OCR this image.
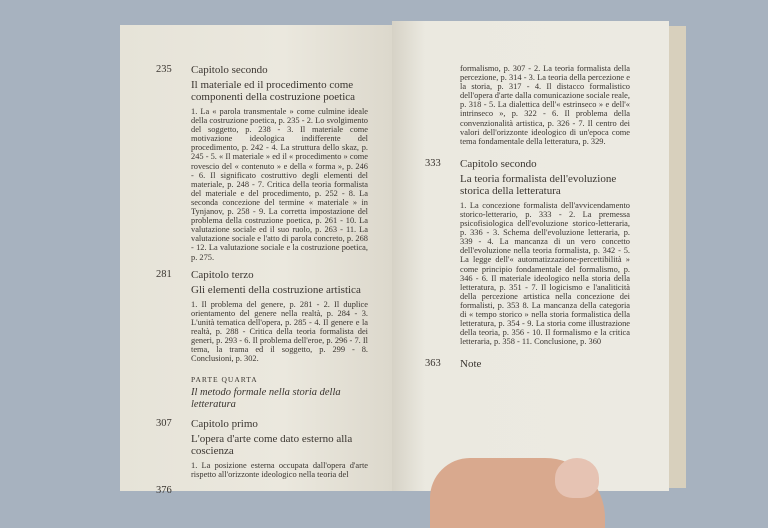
235	Capitolo secondo
Il materiale ed il procedimento come componenti della costruzione poetica
1. La « parola transmentale » come culmine ideale della costruzione poetica, p. 235 - 2. Lo svolgimento del soggetto, p. 238 - 3. Il materiale come motivazione ideologica indifferente del procedimento, p. 242 - 4. La struttura dello skaz, p. 245 - 5. « Il materiale » ed il « procedimento » come rovescio del « contenuto » e della « forma », p. 246 - 6. Il significato costruttivo degli elementi del materiale, p. 248 - 7. Critica della teoria formalista del materiale e del procedimento, p. 252 - 8. La seconda concezione del termine « materiale » in Tynjanov, p. 258 - 9. La corretta impostazione del problema della costruzione poetica, p. 261 - 10. La valutazione sociale ed il suo ruolo, p. 263 - 11. La valutazione sociale e l'atto di parola concreto, p. 268 - 12. La valutazione sociale e la costruzione poetica, p. 275.
281	Capitolo terzo
Gli elementi della costruzione artistica
1. Il problema del genere, p. 281 - 2. Il duplice orientamento del genere nella realtà, p. 284 - 3. L'unità tematica dell'opera, p. 285 - 4. Il genere e la realtà, p. 288 - Critica della teoria formalista dei generi, p. 293 - 6. Il problema dell'eroe, p. 296 - 7. Il tema, la trama ed il soggetto, p. 299 - 8. Conclusioni, p. 302.
PARTE QUARTA
Il metodo formale nella storia della letteratura
307	Capitolo primo
L'opera d'arte come dato esterno alla coscienza
1. La posizione esterna occupata dall'opera d'arte rispetto all'orizzonte ideologico nella teoria del
376
formalismo, p. 307 - 2. La teoria formalista della percezione, p. 314 - 3. La teoria della percezione e la storia, p. 317 - 4. Il distacco formalistico dell'opera d'arte dalla comunicazione sociale reale, p. 318 - 5. La dialettica dell'« estrinseco » e dell'« intrinseco », p. 322 - 6. Il problema della convenzionalità artistica, p. 326 - 7. Il centro dei valori dell'orizzonte ideologico di un'epoca come tema fondamentale della letteratura, p. 329.
333	Capitolo secondo
La teoria formalista dell'evoluzione storica della letteratura
1. La concezione formalista dell'avvicendamento storico-letterario, p. 333 - 2. La premessa psicofisiologica dell'evoluzione storico-letteraria, p. 336 - 3. Schema dell'evoluzione letteraria, p. 339 - 4. La mancanza di un vero concetto dell'evoluzione nella teoria formalista, p. 342 - 5. La legge dell'« automatizzazione-percettibilità » come principio fondamentale del formalismo, p. 346 - 6. Il materiale ideologico nella storia della letteratura, p. 351 - 7. Il logicismo e l'analiticità della percezione artistica nella concezione dei formalisti, p. 353 8. La mancanza della categoria di « tempo storico » nella storia formalistica della letteratura, p. 354 - 9. La storia come illustrazione della teoria, p. 356 - 10. Il formalismo e la critica letteraria, p. 358 - 11. Conclusione, p. 360
363	Note
